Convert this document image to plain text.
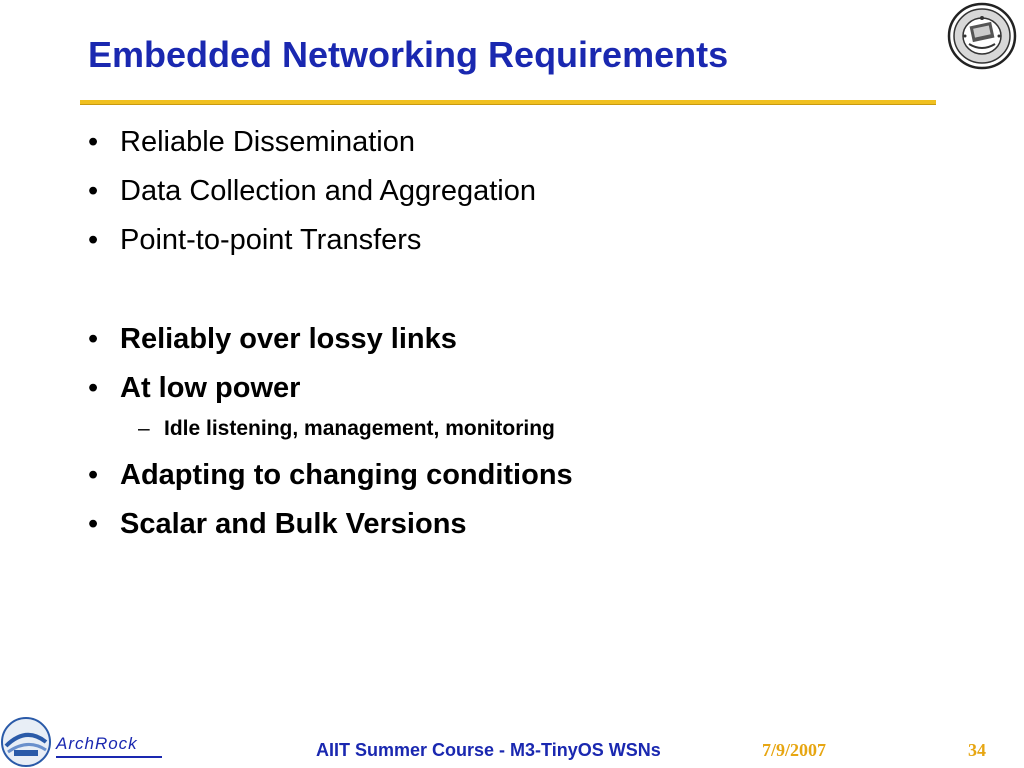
Embedded Networking Requirements
• Reliable Dissemination
• Data Collection and Aggregation
• Point-to-point Transfers
• Reliably over lossy links
• At low power
– Idle listening, management, monitoring
• Adapting to changing conditions
• Scalar and Bulk Versions
ArchRock	AIIT Summer Course - M3-TinyOS WSNs	7/9/2007	34
